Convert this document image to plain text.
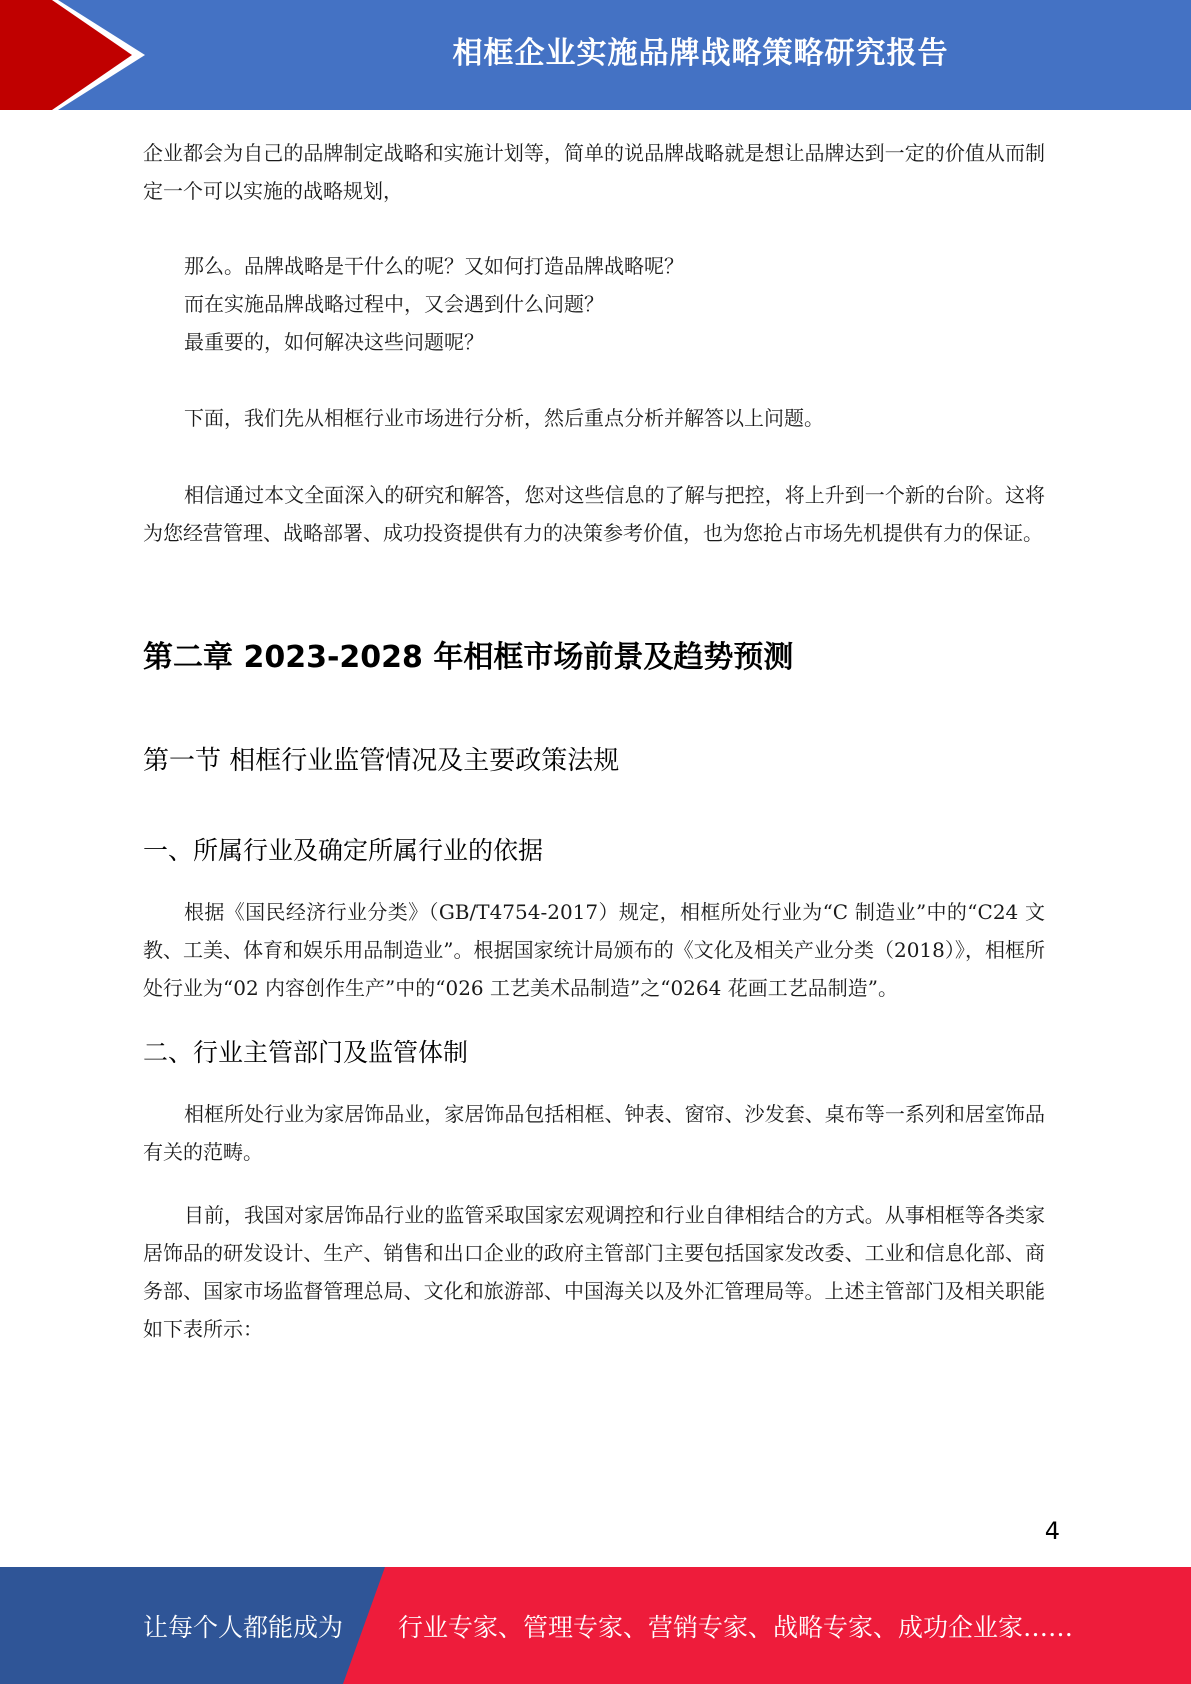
相框企业实施品牌战略策略研究报告

企业都会为自己的品牌制定战略和实施计划等，简单的说品牌战略就是想让品牌达到一定的价值从而制定一个可以实施的战略规划，

那么。品牌战略是干什么的呢？又如何打造品牌战略呢？

而在实施品牌战略过程中，又会遇到什么问题？

最重要的，如何解决这些问题呢？

下面，我们先从相框行业市场进行分析，然后重点分析并解答以上问题。

相信通过本文全面深入的研究和解答，您对这些信息的了解与把控，将上升到一个新的台阶。这将为您经营管理、战略部署、成功投资提供有力的决策参考价值，也为您抢占市场先机提供有力的保证。

第二章 2023-2028 年相框市场前景及趋势预测
第一节 相框行业监管情况及主要政策法规
一、所属行业及确定所属行业的依据

根据《国民经济行业分类》（GB/T4754-2017）规定，相框所处行业为“C 制造业”中的“C24 文教、工美、体育和娱乐用品制造业”。根据国家统计局颁布的《文化及相关产业分类（2018）》，相框所处行业为“02 内容创作生产”中的“026 工艺美术品制造”之“0264 花画工艺品制造”。

二、行业主管部门及监管体制

相框所处行业为家居饰品业，家居饰品包括相框、钟表、窗帘、沙发套、桌布等一系列和居室饰品有关的范畴。

目前，我国对家居饰品行业的监管采取国家宏观调控和行业自律相结合的方式。从事相框等各类家居饰品的研发设计、生产、销售和出口企业的政府主管部门主要包括国家发改委、工业和信息化部、商务部、国家市场监督管理总局、文化和旅游部、中国海关以及外汇管理局等。上述主管部门及相关职能如下表所示：

4
让每个人都能成为 行业专家、管理专家、营销专家、战略专家、成功企业家……
